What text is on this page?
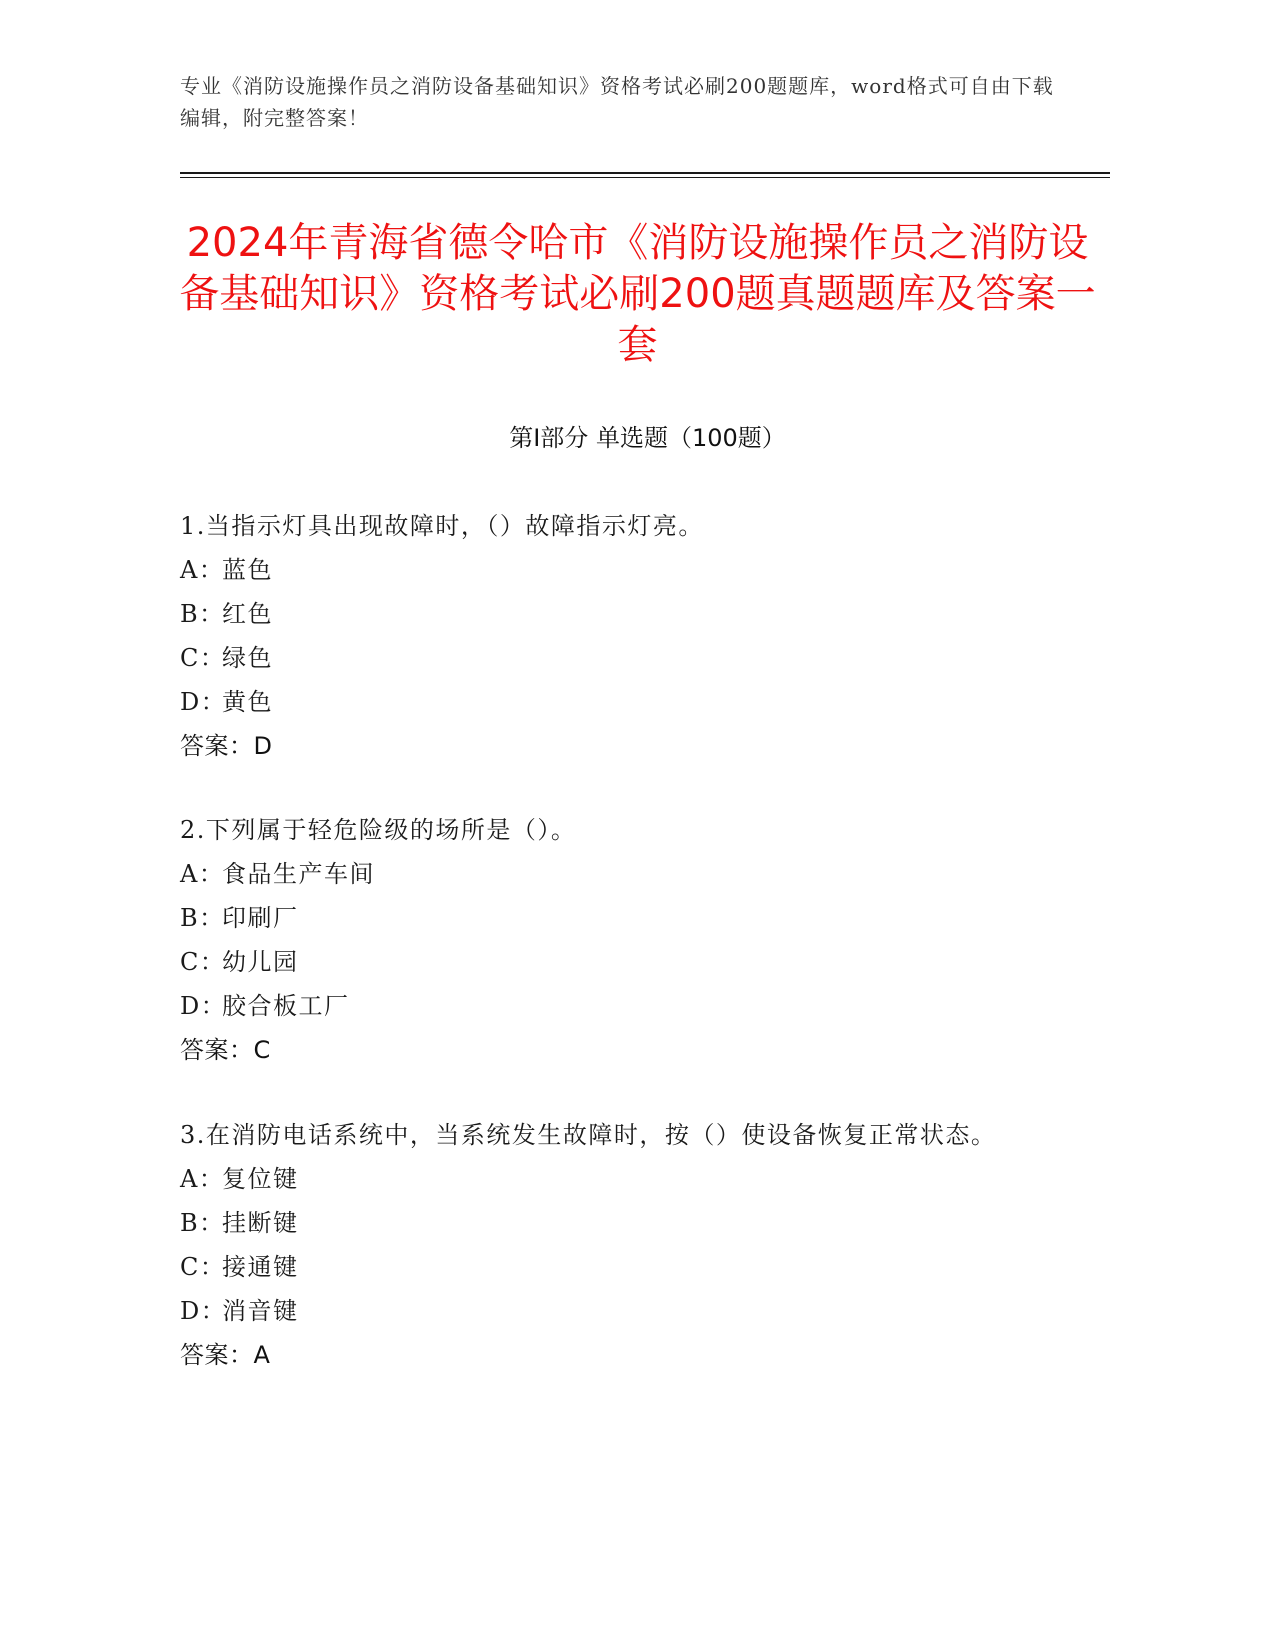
专业《消防设施操作员之消防设备基础知识》资格考试必刷200题题库，word格式可自由下载编辑，附完整答案！
2024年青海省德令哈市《消防设施操作员之消防设备基础知识》资格考试必刷200题真题题库及答案一套
第Ⅰ部分 单选题（100题）
1.当指示灯具出现故障时，（）故障指示灯亮。
A：蓝色
B：红色
C：绿色
D：黄色
答案：D
2.下列属于轻危险级的场所是（）。
A：食品生产车间
B：印刷厂
C：幼儿园
D：胶合板工厂
答案：C
3.在消防电话系统中，当系统发生故障时，按（）使设备恢复正常状态。
A：复位键
B：挂断键
C：接通键
D：消音键
答案：A
